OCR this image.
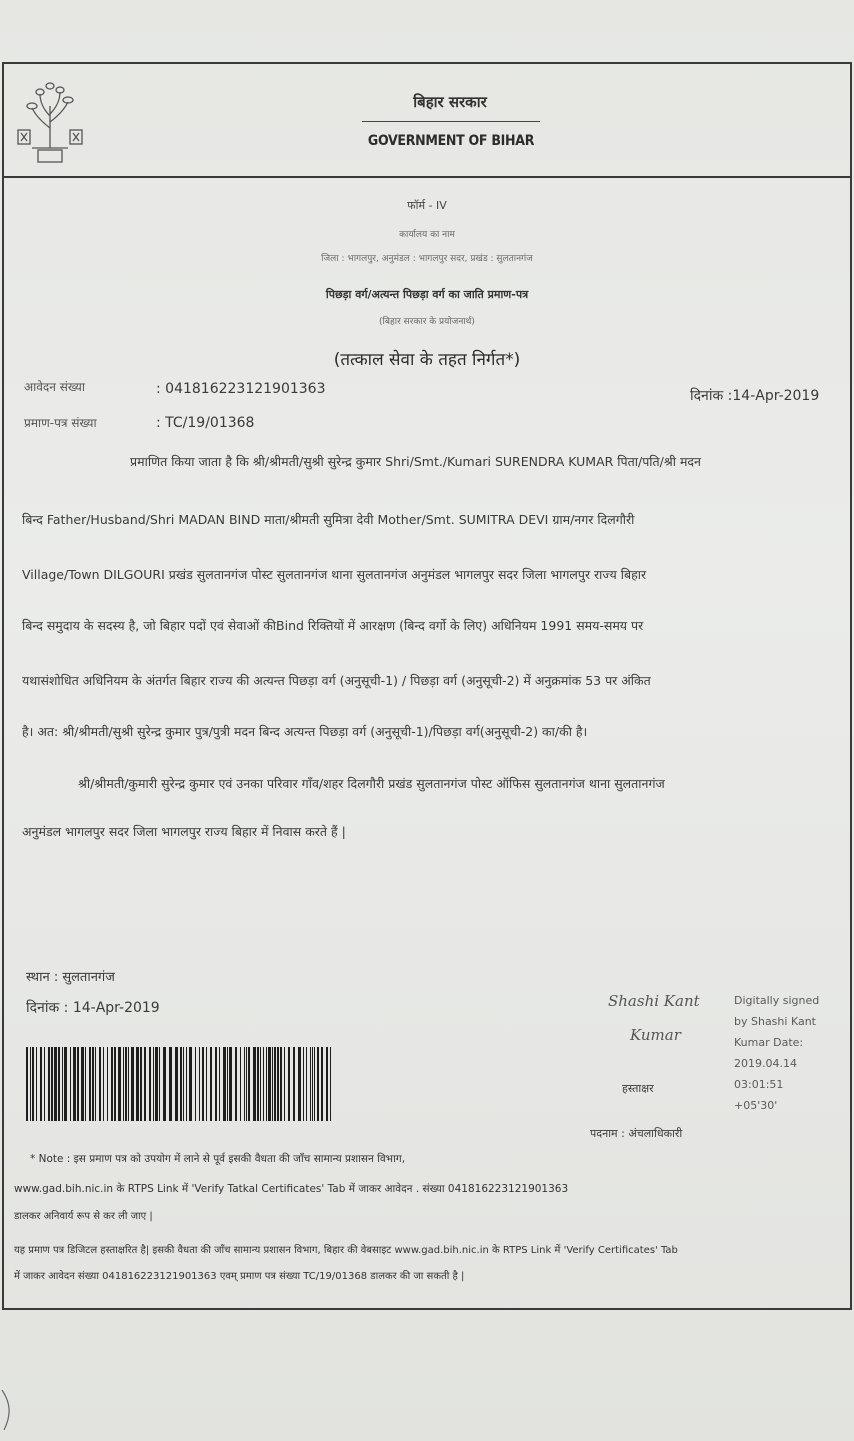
बिहार सरकार
GOVERNMENT OF BIHAR
फॉर्म - IV
कार्यालय का नाम
जिला : भागलपुर, अनुमंडल : भागलपुर सदर, प्रखंड : सुलतानगंज
पिछड़ा वर्ग/अत्यन्त पिछड़ा वर्ग का जाति प्रमाण-पत्र
(बिहार सरकार के प्रयोजनार्थ)
(तत्काल सेवा के तहत निर्गत*)
आवेदन संख्या	: 041816223121901363	दिनांक :14-Apr-2019
प्रमाण-पत्र संख्या	: TC/19/01368
प्रमाणित किया जाता है कि श्री/श्रीमती/सुश्री सुरेन्द्र कुमार Shri/Smt./Kumari SURENDRA KUMAR पिता/पति/श्री मदन
बिन्द Father/Husband/Shri MADAN BIND माता/श्रीमती सुमित्रा देवी Mother/Smt. SUMITRA DEVI ग्राम/नगर दिलगौरी
Village/Town DILGOURI प्रखंड सुलतानगंज पोस्ट सुलतानगंज थाना सुलतानगंज अनुमंडल भागलपुर सदर जिला भागलपुर राज्य बिहार
बिन्द समुदाय के सदस्य है, जो बिहार पदों एवं सेवाओं कीBind रिक्तियों में आरक्षण (बिन्द वर्गो के लिए) अधिनियम 1991 समय-समय पर
यथासंशोधित अधिनियम के अंतर्गत बिहार राज्य की अत्यन्त पिछड़ा वर्ग (अनुसूची-1) / पिछड़ा वर्ग (अनुसूची-2) में अनुक्रमांक 53 पर अंकित
है। अत: श्री/श्रीमती/सुश्री सुरेन्द्र कुमार पुत्र/पुत्री मदन बिन्द अत्यन्त पिछड़ा वर्ग (अनुसूची-1)/पिछड़ा वर्ग(अनुसूची-2) का/की है।
श्री/श्रीमती/कुमारी सुरेन्द्र कुमार एवं उनका परिवार गाँव/शहर दिलगौरी प्रखंड सुलतानगंज पोस्ट ऑफिस सुलतानगंज थाना सुलतानगंज
अनुमंडल भागलपुर सदर जिला भागलपुर राज्य बिहार में निवास करते हैं |
स्थान : सुलतानगंज
दिनांक : 14-Apr-2019	Shashi Kant
Kumar
Digitally signed
by Shashi Kant
Kumar Date:
2019.04.14
03:01:51
+05'30'
हस्ताक्षर
पदनाम : अंचलाधिकारी
* Note : इस प्रमाण पत्र को उपयोग में लाने से पूर्व इसकी वैधता की जाँच सामान्य प्रशासन विभाग,
www.gad.bih.nic.in के RTPS Link में 'Verify Tatkal Certificates' Tab में जाकर आवेदन . संख्या 041816223121901363
डालकर अनिवार्य रूप से कर ली जाए |
यह प्रमाण पत्र डिजिटल हस्ताक्षरित है| इसकी वैधता की जाँच सामान्य प्रशासन विभाग, बिहार की वेबसाइट www.gad.bih.nic.in के RTPS Link में 'Verify Certificates' Tab
में जाकर आवेदन संख्या 041816223121901363 एवम् प्रमाण पत्र संख्या TC/19/01368 डालकर की जा सकती है |
